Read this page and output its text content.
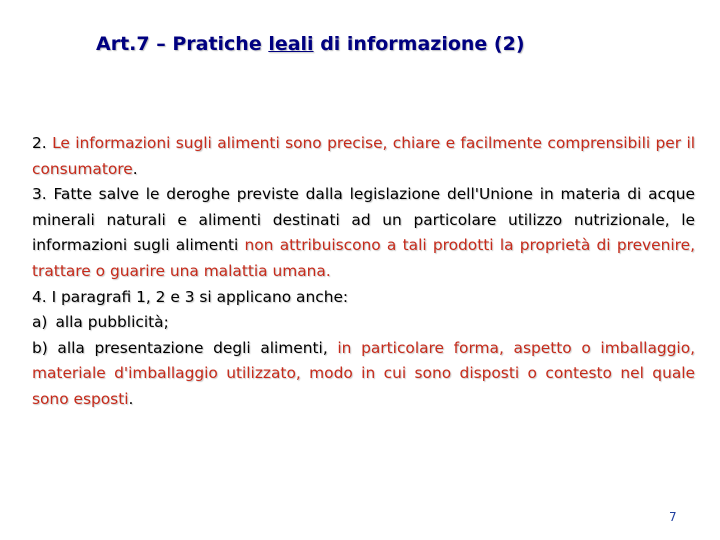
Art.7 – Pratiche leali di informazione (2)

2. Le informazioni sugli alimenti sono precise, chiare e facilmente comprensibili per il consumatore.

3. Fatte salve le deroghe previste dalla legislazione dell'Unione in materia di acque minerali naturali e alimenti destinati ad un particolare utilizzo nutrizionale, le informazioni sugli alimenti non attribuiscono a tali prodotti la proprietà di prevenire, trattare o guarire una malattia umana.

4. I paragrafi 1, 2 e 3 si applicano anche:

a) alla pubblicità;

b) alla presentazione degli alimenti, in particolare forma, aspetto o imballaggio, materiale d'imballaggio utilizzato, modo in cui sono disposti o contesto nel quale sono esposti.

7
